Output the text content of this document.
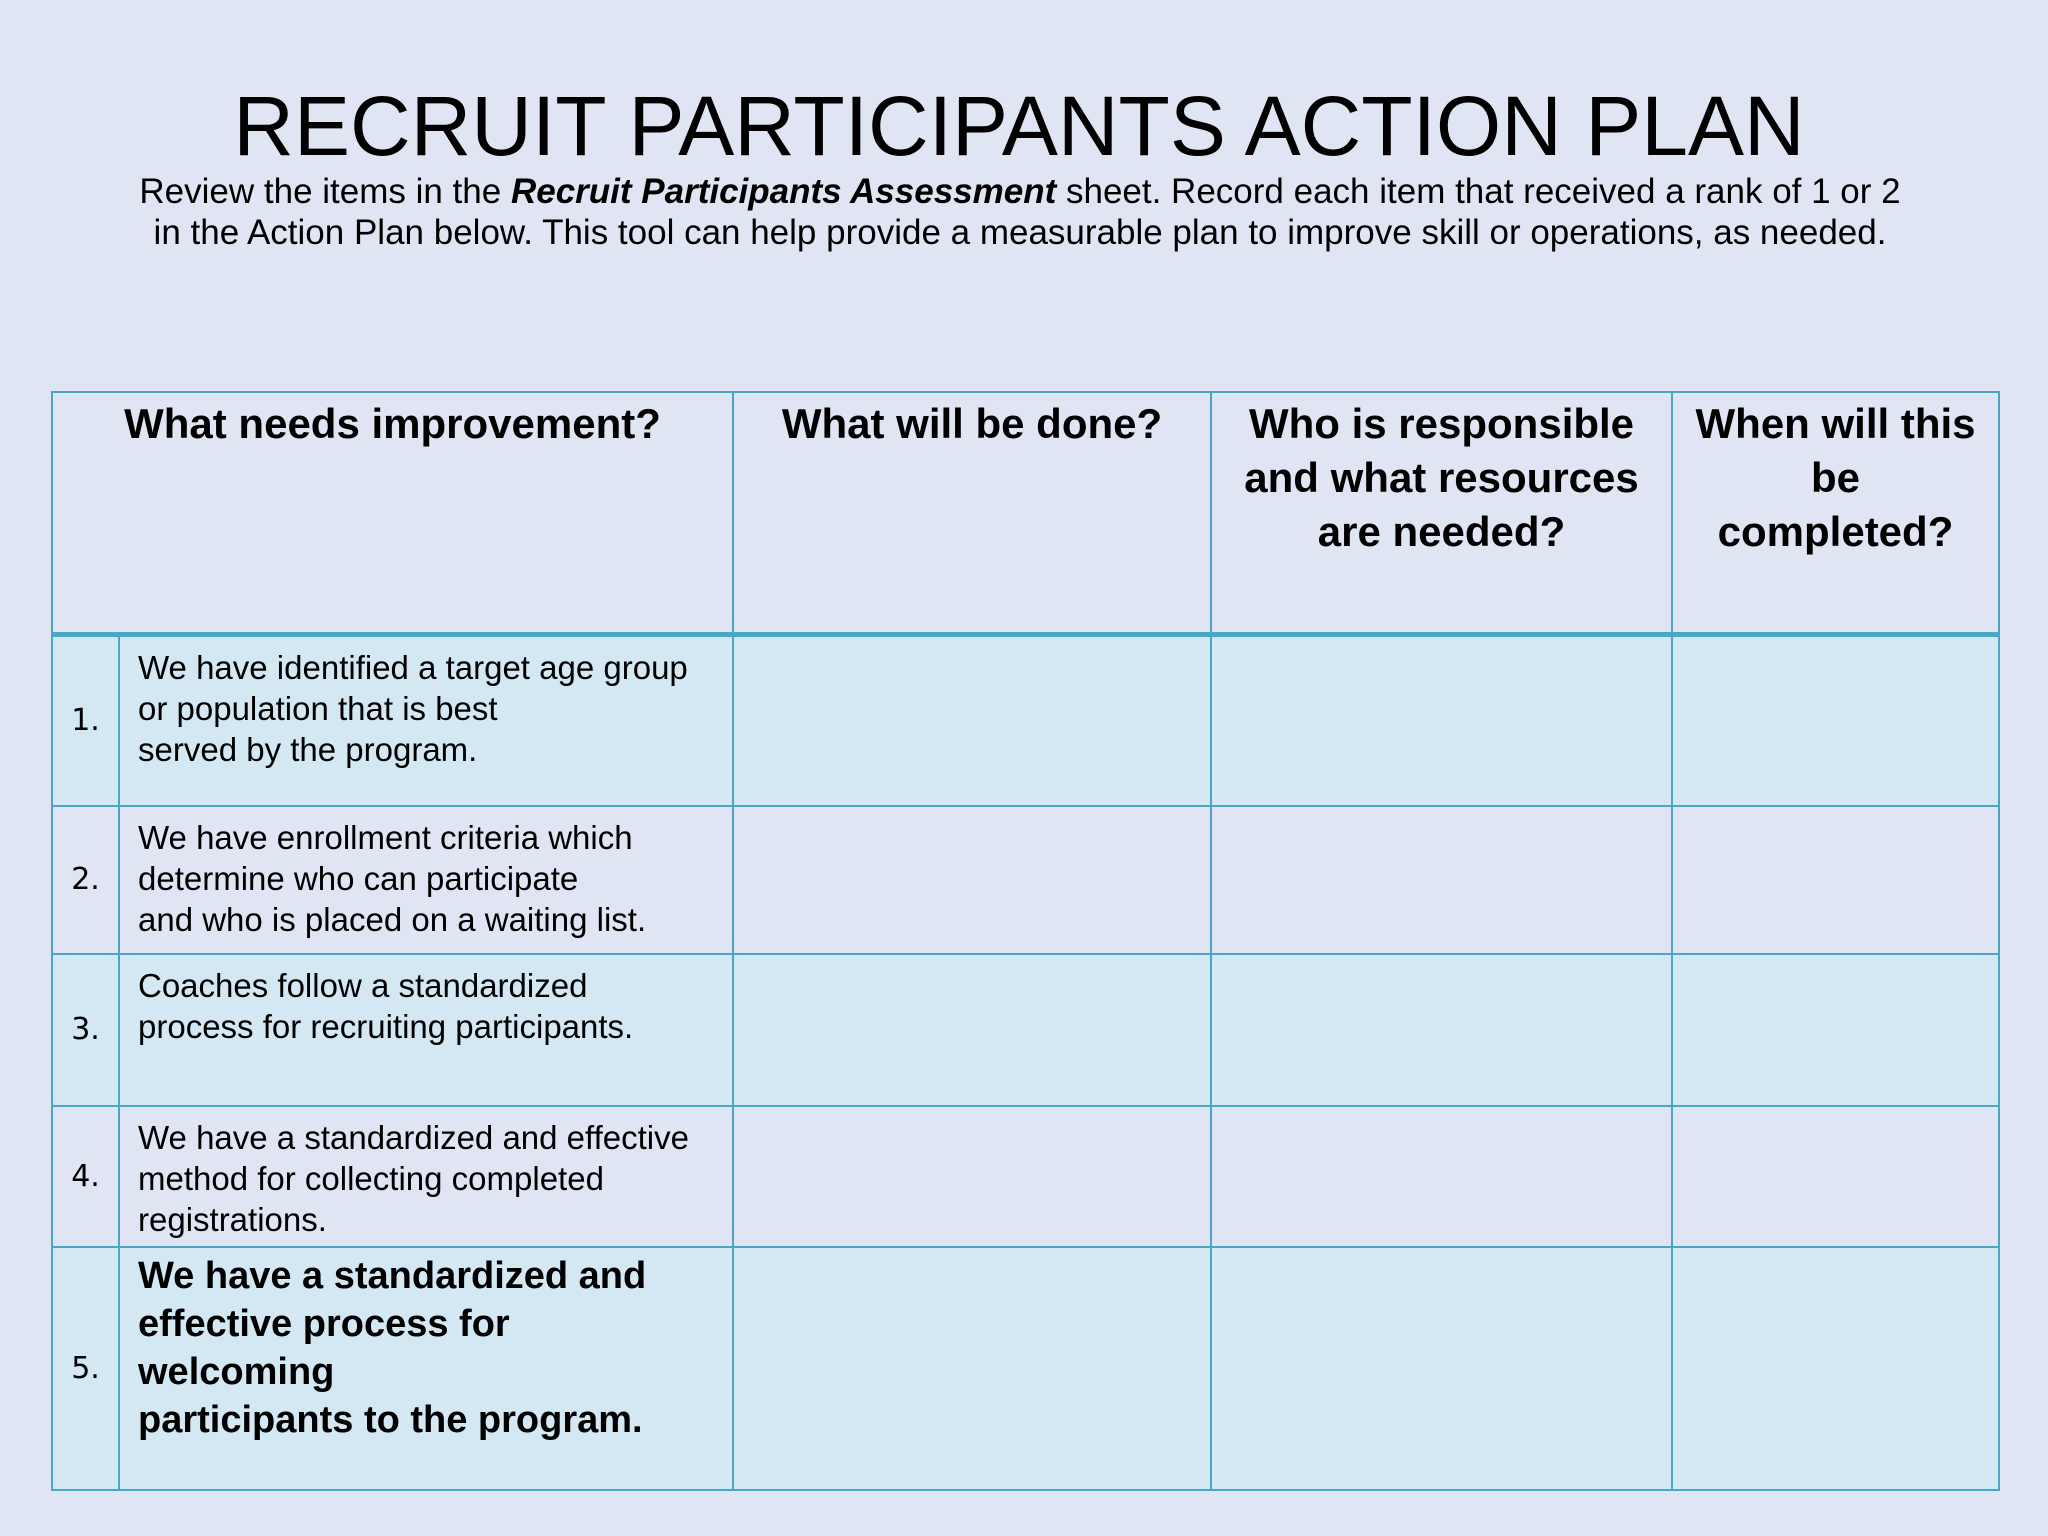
RECRUIT PARTICIPANTS ACTION PLAN
Review the items in the Recruit Participants Assessment sheet. Record each item that received a rank of 1 or 2 in the Action Plan below. This tool can help provide a measurable plan to improve skill or operations, as needed.
What needs improvement?		What will be done?	Who is responsible and what resources are needed?	When will this be completed?
1.	We have identified a target age group
or population that is best
served by the program.			
2.	We have enrollment criteria which
determine who can participate
and who is placed on a waiting list.			
3.	Coaches follow a standardized
process for recruiting participants.			
4.	We have a standardized and effective
method for collecting completed
registrations.			
5.	We have a standardized and
effective process for
welcoming
participants to the program.			
